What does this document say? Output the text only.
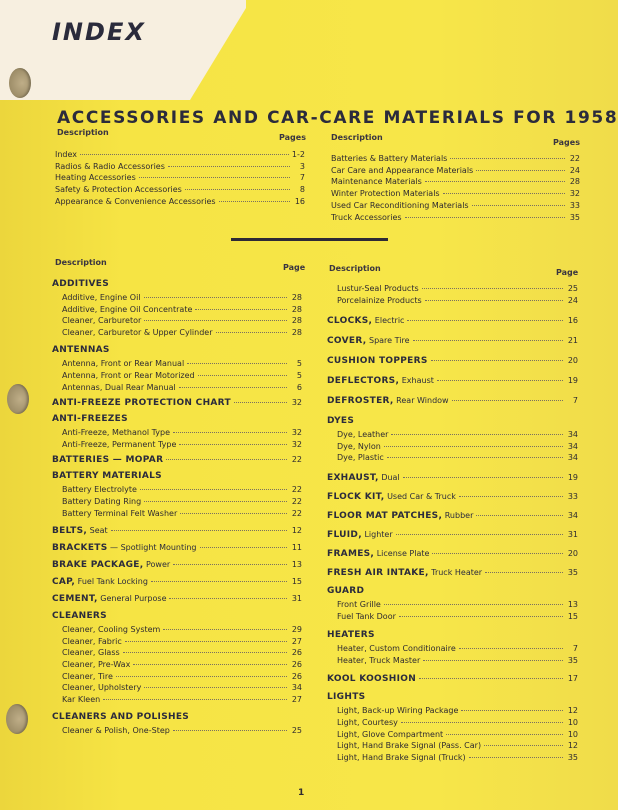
INDEX
ACCESSORIES AND CAR-CARE MATERIALS FOR 1958
Description
Pages
Index	1-2
Radios & Radio Accessories	3
Heating Accessories	7
Safety & Protection Accessories	8
Appearance & Convenience Accessories	16
Description
Pages
Batteries & Battery Materials	22
Car Care and Appearance Materials	24
Maintenance Materials	28
Winter Protection Materials	32
Used Car Reconditioning Materials	33
Truck Accessories	35
Description
Page
ADDITIVES
Additive, Engine Oil	28
Additive, Engine Oil Concentrate	28
Cleaner, Carburetor	28
Cleaner, Carburetor & Upper Cylinder	28
ANTENNAS
Antenna, Front or Rear Manual	5
Antenna, Front or Rear Motorized	5
Antennas, Dual Rear Manual	6
ANTI-FREEZE PROTECTION CHART	32
ANTI-FREEZES
Anti-Freeze, Methanol Type	32
Anti-Freeze, Permanent Type	32
BATTERIES — MOPAR	22
BATTERY MATERIALS
Battery Electrolyte	22
Battery Dating Ring	22
Battery Terminal Felt Washer	22
BELTS, Seat	12
BRACKETS — Spotlight Mounting	11
BRAKE PACKAGE, Power	13
CAP, Fuel Tank Locking	15
CEMENT, General Purpose	31
CLEANERS
Cleaner, Cooling System	29
Cleaner, Fabric	27
Cleaner, Glass	26
Cleaner, Pre-Wax	26
Cleaner, Tire	26
Cleaner, Upholstery	34
Kar Kleen	27
CLEANERS AND POLISHES
Cleaner & Polish, One-Step	25
Description	Page
Lustur-Seal Products	25
Porcelainize Products	24
CLOCKS, Electric	16
COVER, Spare Tire	21
CUSHION TOPPERS	20
DEFLECTORS, Exhaust	19
DEFROSTER, Rear Window	7
DYES
Dye, Leather	34
Dye, Nylon	34
Dye, Plastic	34
EXHAUST, Dual	19
FLOCK KIT, Used Car & Truck	33
FLOOR MAT PATCHES, Rubber	34
FLUID, Lighter	31
FRAMES, License Plate	20
FRESH AIR INTAKE, Truck Heater	35
GUARD
Front Grille	13
Fuel Tank Door	15
HEATERS
Heater, Custom Conditionaire	7
Heater, Truck Master	35
KOOL KOOSHION	17
LIGHTS
Light, Back-up Wiring Package	12
Light, Courtesy	10
Light, Glove Compartment	10
Light, Hand Brake Signal (Pass. Car)	12
Light, Hand Brake Signal (Truck)	35
1
